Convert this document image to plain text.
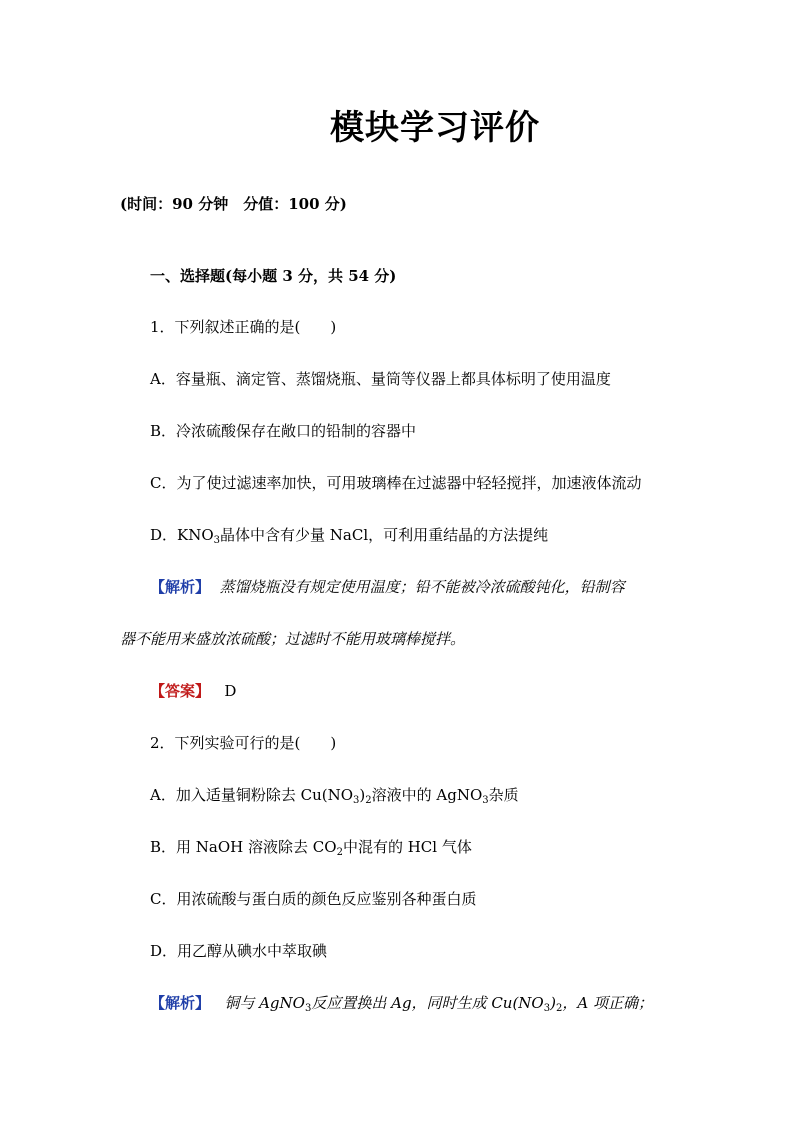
模块学习评价
(时间：90 分钟　分值：100 分)
一、选择题(每小题 3 分，共 54 分)
1．下列叙述正确的是(　　)
A．容量瓶、滴定管、蒸馏烧瓶、量筒等仪器上都具体标明了使用温度
B．冷浓硫酸保存在敞口的铅制的容器中
C．为了使过滤速率加快，可用玻璃棒在过滤器中轻轻搅拌，加速液体流动
D．$KNO_3$晶体中含有少量 NaCl，可利用重结晶的方法提纯
【解析】 蒸馏烧瓶没有规定使用温度；铅不能被冷浓硫酸钝化，铅制容
器不能用来盛放浓硫酸；过滤时不能用玻璃棒搅拌。
【答案】 D
2．下列实验可行的是(　　)
A．加入适量铜粉除去 $Cu(NO_3)_2$溶液中的 AgNO$_3$杂质
B．用 NaOH 溶液除去 $CO_2$中混有的 HCl 气体
C．用浓硫酸与蛋白质的颜色反应鉴别各种蛋白质
D．用乙醇从碘水中萃取碘
【解析】 铜与 AgNO$_3$反应置换出 Ag，同时生成 $Cu(NO_3)_2$，A 项正确；
